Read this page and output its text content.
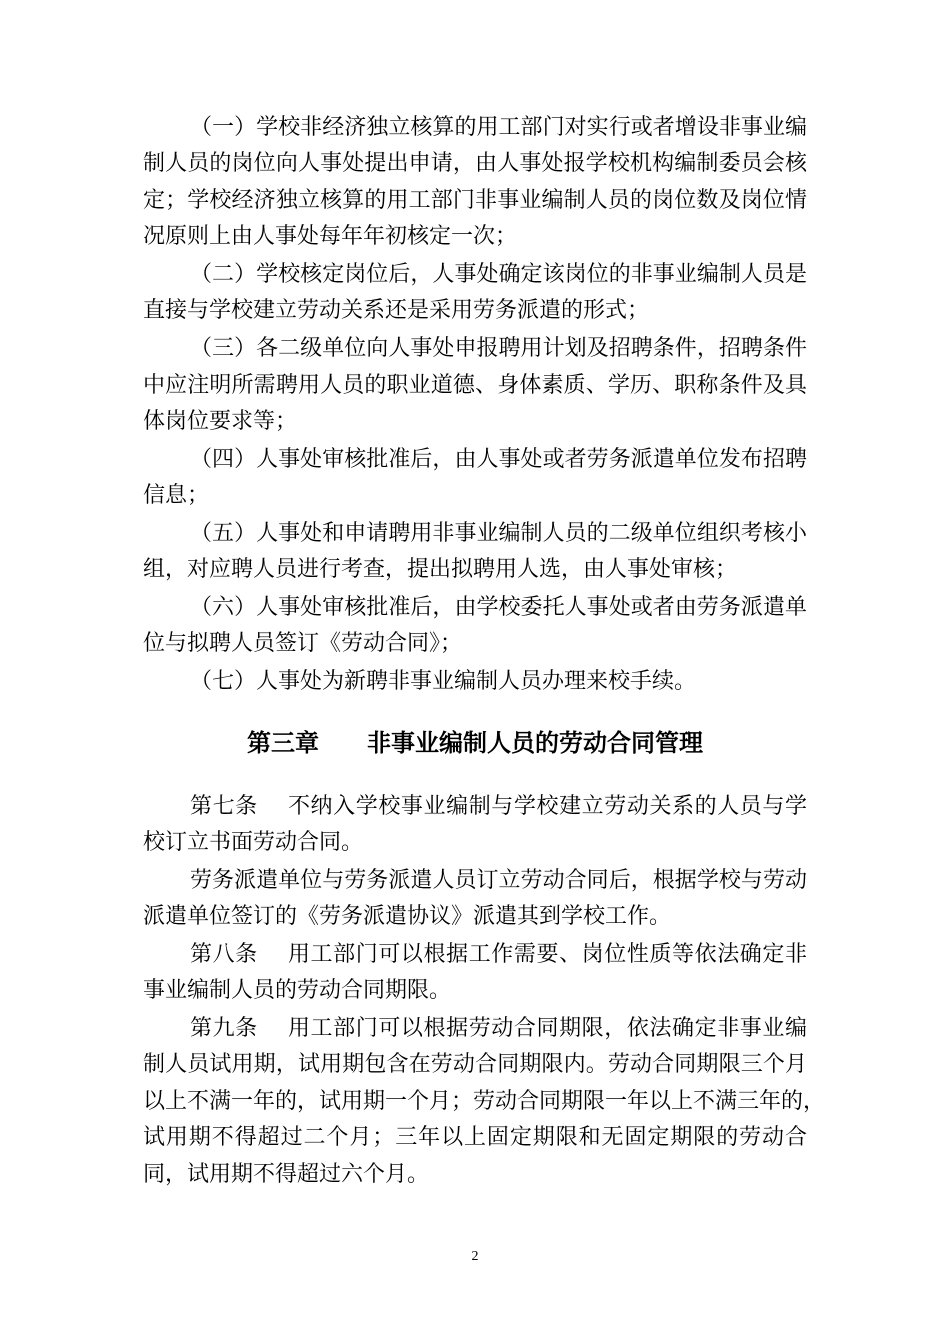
（一）学校非经济独立核算的用工部门对实行或者增设非事业编
制人员的岗位向人事处提出申请，由人事处报学校机构编制委员会核
定；学校经济独立核算的用工部门非事业编制人员的岗位数及岗位情
况原则上由人事处每年年初核定一次；
（二）学校核定岗位后，人事处确定该岗位的非事业编制人员是
直接与学校建立劳动关系还是采用劳务派遣的形式；
（三）各二级单位向人事处申报聘用计划及招聘条件，招聘条件
中应注明所需聘用人员的职业道德、身体素质、学历、职称条件及具
体岗位要求等；
（四）人事处审核批准后，由人事处或者劳务派遣单位发布招聘
信息；
（五）人事处和申请聘用非事业编制人员的二级单位组织考核小
组，对应聘人员进行考查，提出拟聘用人选，由人事处审核；
（六）人事处审核批准后，由学校委托人事处或者由劳务派遣单
位与拟聘人员签订《劳动合同》；
（七）人事处为新聘非事业编制人员办理来校手续。
第三章　　非事业编制人员的劳动合同管理
第七条　 不纳入学校事业编制与学校建立劳动关系的人员与学
校订立书面劳动合同。
劳务派遣单位与劳务派遣人员订立劳动合同后，根据学校与劳动
派遣单位签订的《劳务派遣协议》派遣其到学校工作。
第八条　 用工部门可以根据工作需要、岗位性质等依法确定非
事业编制人员的劳动合同期限。
第九条　 用工部门可以根据劳动合同期限，依法确定非事业编
制人员试用期，试用期包含在劳动合同期限内。劳动合同期限三个月
以上不满一年的，试用期一个月；劳动合同期限一年以上不满三年的，
试用期不得超过二个月；三年以上固定期限和无固定期限的劳动合
同，试用期不得超过六个月。
2
